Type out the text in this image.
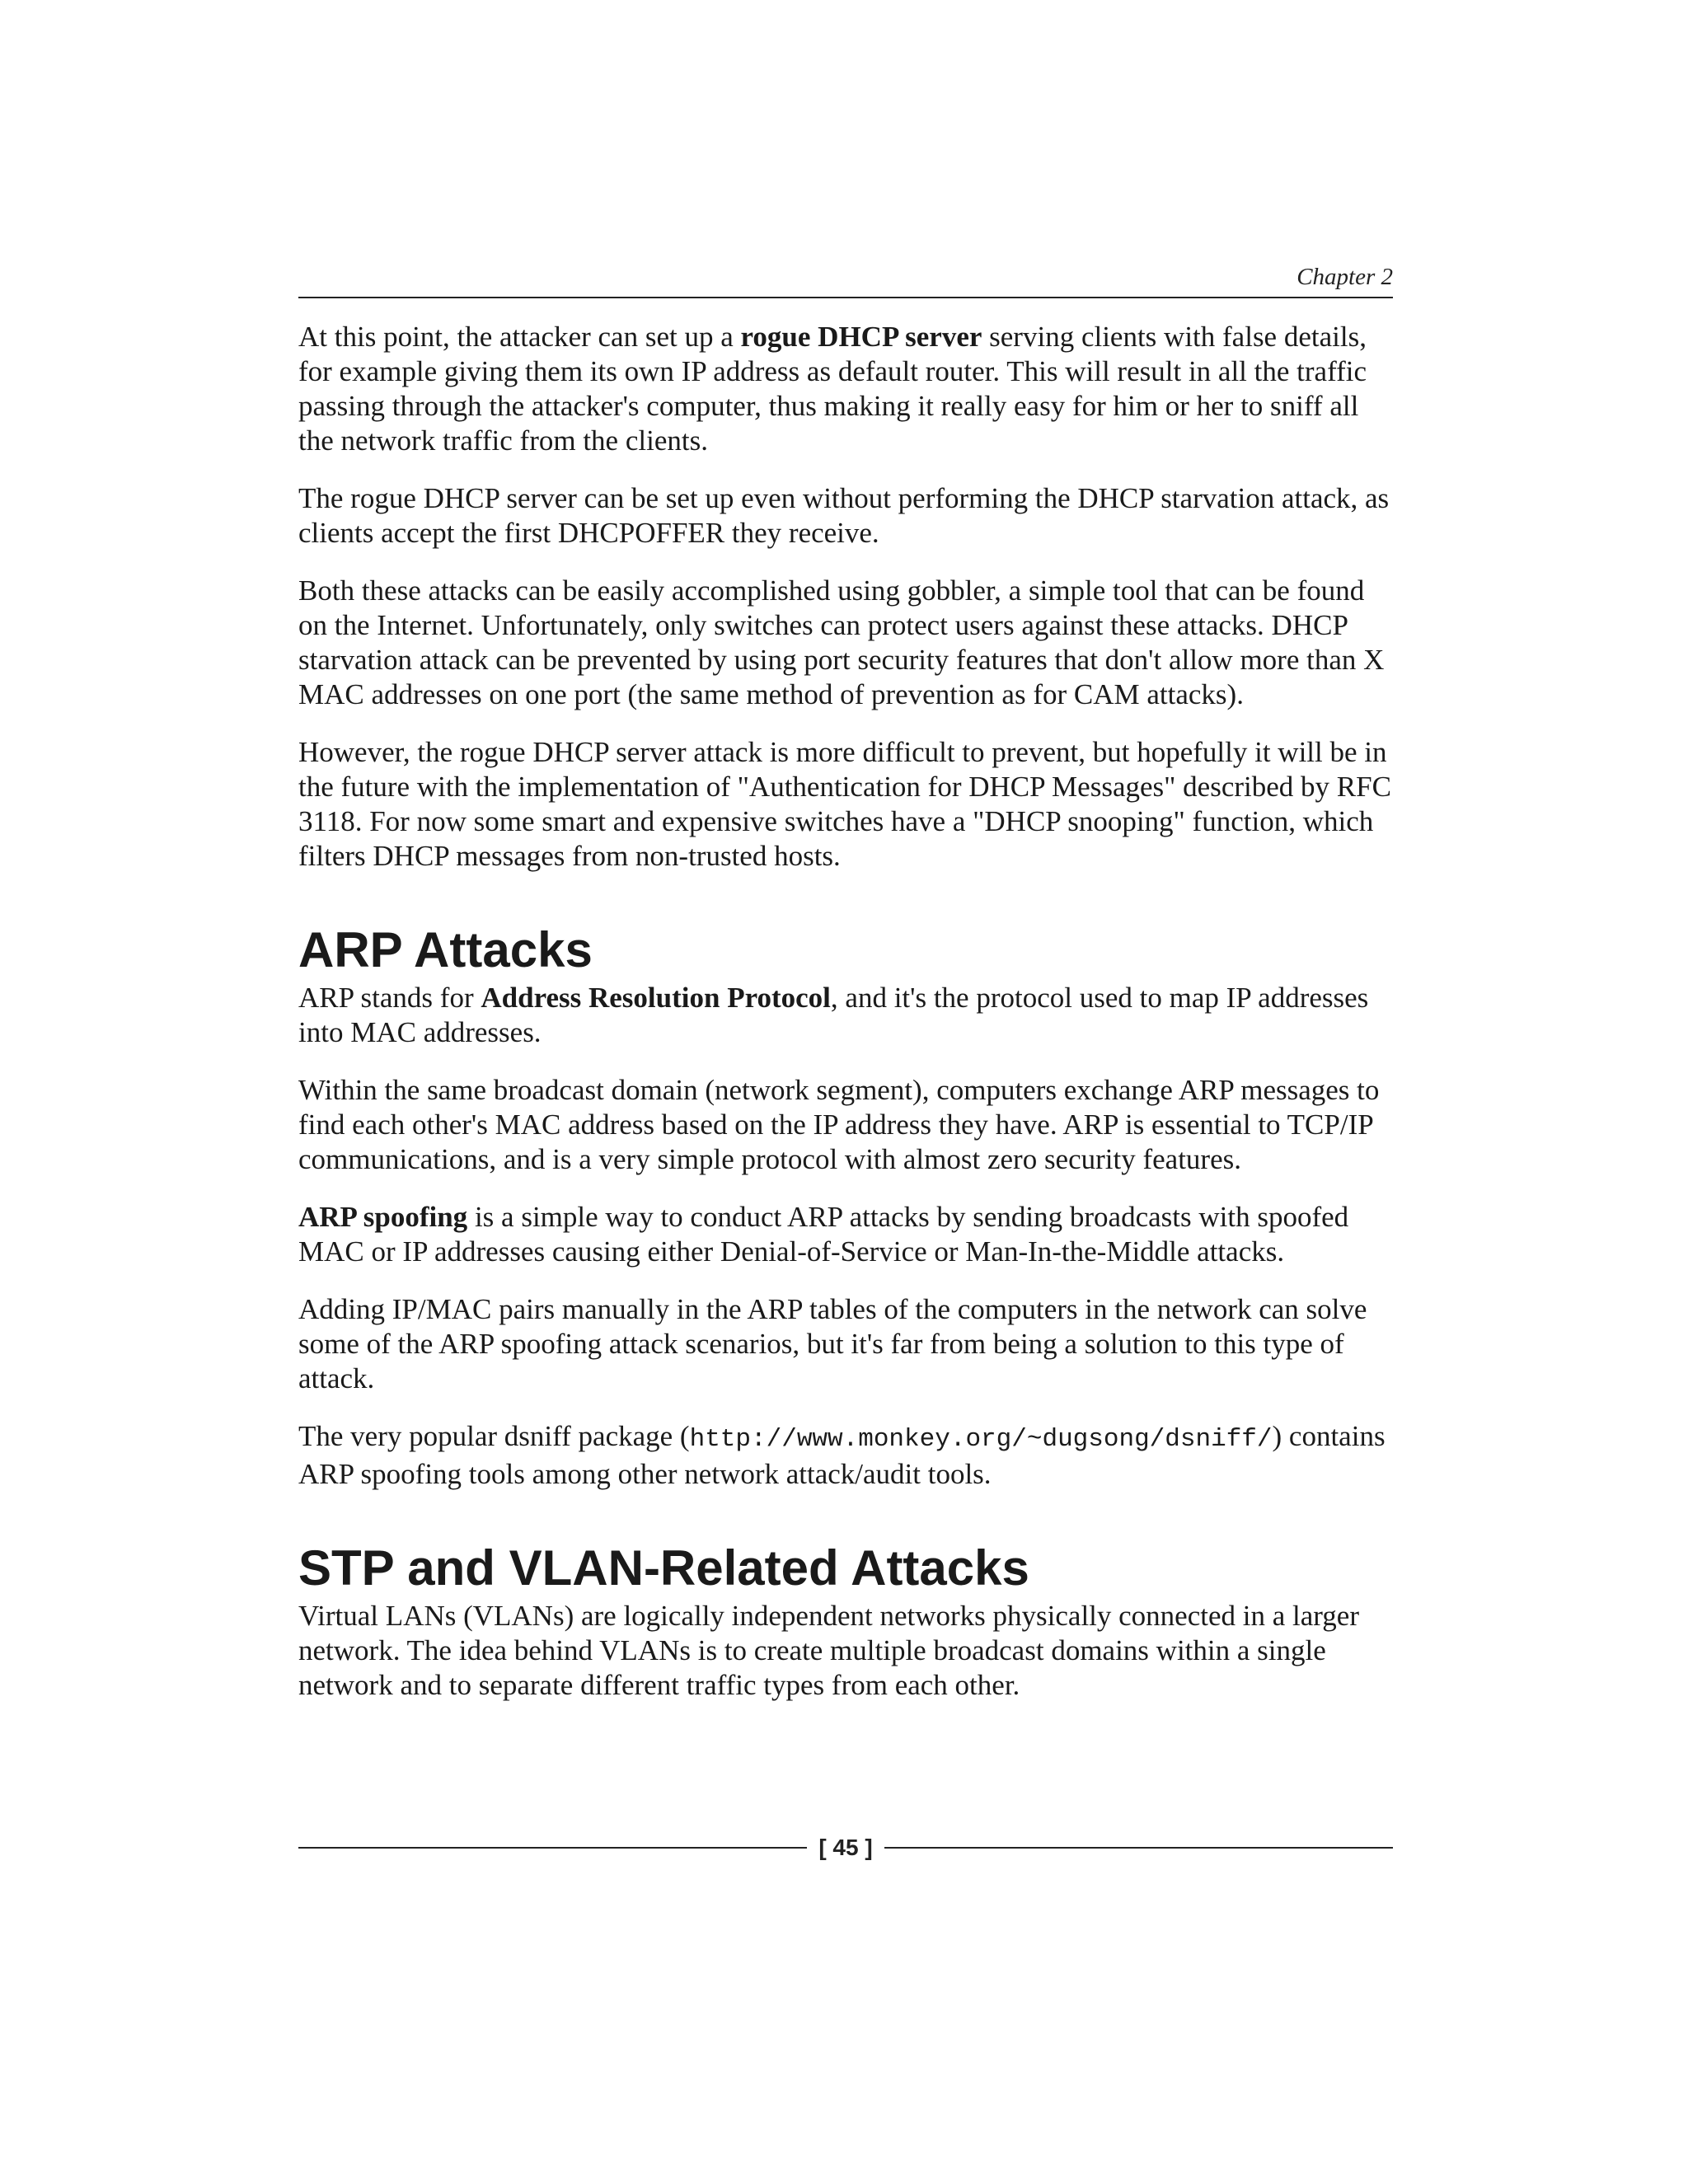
Chapter 2

At this point, the attacker can set up a rogue DHCP server serving clients with false details, for example giving them its own IP address as default router. This will result in all the traffic passing through the attacker's computer, thus making it really easy for him or her to sniff all the network traffic from the clients.

The rogue DHCP server can be set up even without performing the DHCP starvation attack, as clients accept the first DHCPOFFER they receive.

Both these attacks can be easily accomplished using gobbler, a simple tool that can be found on the Internet. Unfortunately, only switches can protect users against these attacks. DHCP starvation attack can be prevented by using port security features that don't allow more than X MAC addresses on one port (the same method of prevention as for CAM attacks).

However, the rogue DHCP server attack is more difficult to prevent, but hopefully it will be in the future with the implementation of "Authentication for DHCP Messages" described by RFC 3118. For now some smart and expensive switches have a "DHCP snooping" function, which filters DHCP messages from non-trusted hosts.

ARP Attacks

ARP stands for Address Resolution Protocol, and it's the protocol used to map IP addresses into MAC addresses.

Within the same broadcast domain (network segment), computers exchange ARP messages to find each other's MAC address based on the IP address they have. ARP is essential to TCP/IP communications, and is a very simple protocol with almost zero security features.

ARP spoofing is a simple way to conduct ARP attacks by sending broadcasts with spoofed MAC or IP addresses causing either Denial-of-Service or Man-In-the-Middle attacks.

Adding IP/MAC pairs manually in the ARP tables of the computers in the network can solve some of the ARP spoofing attack scenarios, but it's far from being a solution to this type of attack.

The very popular dsniff package (http://www.monkey.org/~dugsong/dsniff/) contains ARP spoofing tools among other network attack/audit tools.

STP and VLAN-Related Attacks

Virtual LANs (VLANs) are logically independent networks physically connected in a larger network. The idea behind VLANs is to create multiple broadcast domains within a single network and to separate different traffic types from each other.

[ 45 ]
